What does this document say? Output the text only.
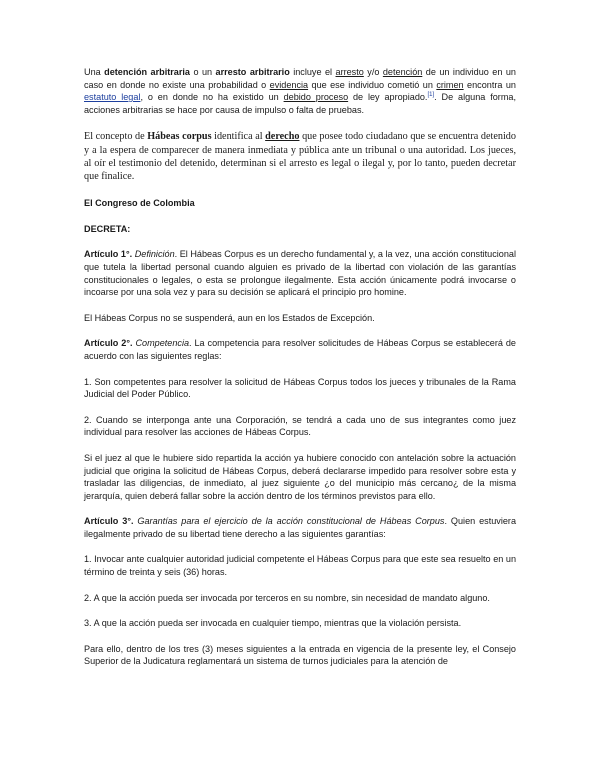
Una detención arbitraria o un arresto arbitrario incluye el arresto y/o detención de un individuo en un caso en donde no existe una probabilidad o evidencia que ese individuo cometió un crimen encontra un estatuto legal, o en donde no ha existido un debido proceso de ley apropiado.[1]. De alguna forma, acciones arbitrarias se hace por causa de impulso o falta de pruebas.

El concepto de Hábeas corpus identifica al derecho que posee todo ciudadano que se encuentra detenido y a la espera de comparecer de manera inmediata y pública ante un tribunal o una autoridad. Los jueces, al oír el testimonio del detenido, determinan si el arresto es legal o ilegal y, por lo tanto, pueden decretar que finalice.

El Congreso de Colombia

DECRETA:

Artículo 1°. Definición. El Hábeas Corpus es un derecho fundamental y, a la vez, una acción constitucional que tutela la libertad personal cuando alguien es privado de la libertad con violación de las garantías constitucionales o legales, o esta se prolongue ilegalmente. Esta acción únicamente podrá invocarse o incoarse por una sola vez y para su decisión se aplicará el principio pro homine.

El Hábeas Corpus no se suspenderá, aun en los Estados de Excepción.

Artículo 2°. Competencia. La competencia para resolver solicitudes de Hábeas Corpus se establecerá de acuerdo con las siguientes reglas:

1. Son competentes para resolver la solicitud de Hábeas Corpus todos los jueces y tribunales de la Rama Judicial del Poder Público.

2. Cuando se interponga ante una Corporación, se tendrá a cada uno de sus integrantes como juez individual para resolver las acciones de Hábeas Corpus.

Si el juez al que le hubiere sido repartida la acción ya hubiere conocido con antelación sobre la actuación judicial que origina la solicitud de Hábeas Corpus, deberá declararse impedido para resolver sobre esta y trasladar las diligencias, de inmediato, al juez siguiente ¿o del municipio más cercano¿ de la misma jerarquía, quien deberá fallar sobre la acción dentro de los términos previstos para ello.

Artículo 3°. Garantías para el ejercicio de la acción constitucional de Hábeas Corpus. Quien estuviera ilegalmente privado de su libertad tiene derecho a las siguientes garantías:

1. Invocar ante cualquier autoridad judicial competente el Hábeas Corpus para que este sea resuelto en un término de treinta y seis (36) horas.

2. A que la acción pueda ser invocada por terceros en su nombre, sin necesidad de mandato alguno.

3. A que la acción pueda ser invocada en cualquier tiempo, mientras que la violación persista.

Para ello, dentro de los tres (3) meses siguientes a la entrada en vigencia de la presente ley, el Consejo Superior de la Judicatura reglamentará un sistema de turnos judiciales para la atención de
